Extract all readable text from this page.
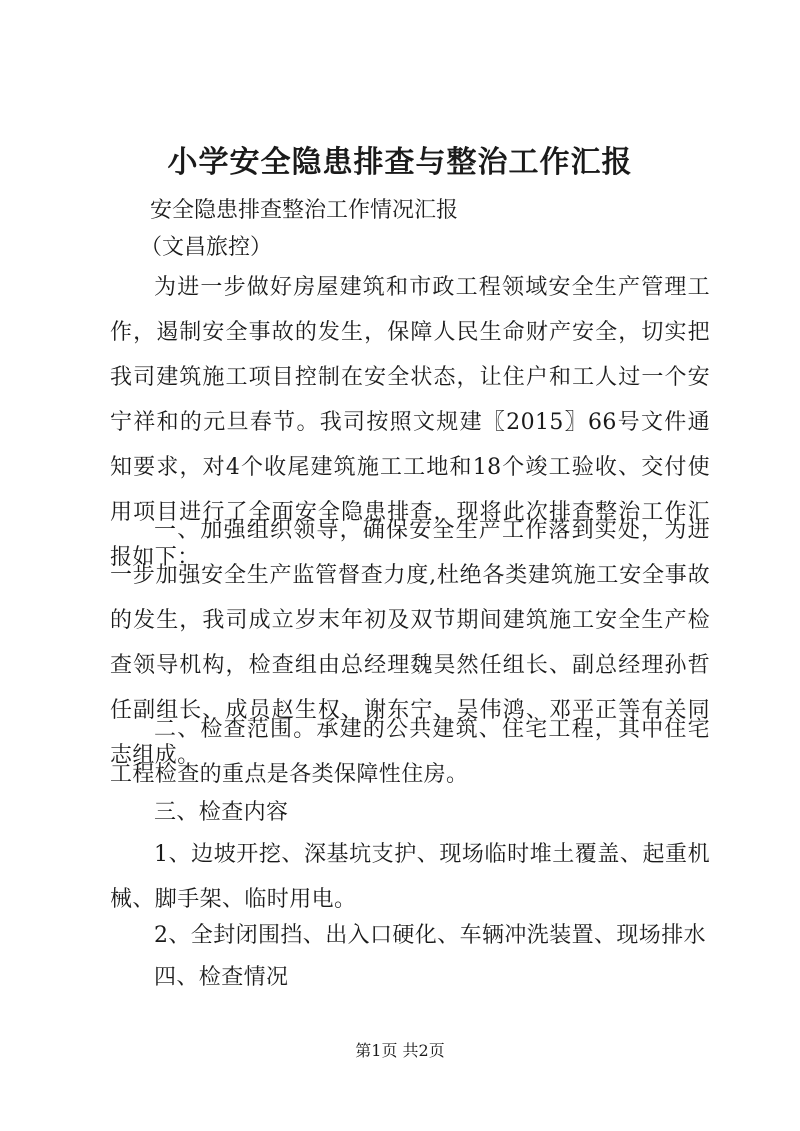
小学安全隐患排查与整治工作汇报
安全隐患排查整治工作情况汇报
（文昌旅控）
为进一步做好房屋建筑和市政工程领域安全生产管理工作，遏制安全事故的发生，保障人民生命财产安全，切实把我司建筑施工项目控制在安全状态，让住户和工人过一个安宁祥和的元旦春节。我司按照文规建〖2015〗66号文件通知要求，对4个收尾建筑施工工地和18个竣工验收、交付使用项目进行了全面安全隐患排查，现将此次排查整治工作汇报如下：
一、加强组织领导，确保安全生产工作落到实处，为进一步加强安全生产监管督查力度,杜绝各类建筑施工安全事故的发生，我司成立岁末年初及双节期间建筑施工安全生产检查领导机构，检查组由总经理魏昊然任组长、副总经理孙哲任副组长、成员赵生权、谢东宁、吴伟鸿、邓平正等有关同志组成。
二、检查范围。承建的公共建筑、住宅工程，其中住宅工程检查的重点是各类保障性住房。
三、检查内容
1、边坡开挖、深基坑支护、现场临时堆土覆盖、起重机械、脚手架、临时用电。
2、全封闭围挡、出入口硬化、车辆冲洗装置、现场排水
四、检查情况
第1页 共2页
